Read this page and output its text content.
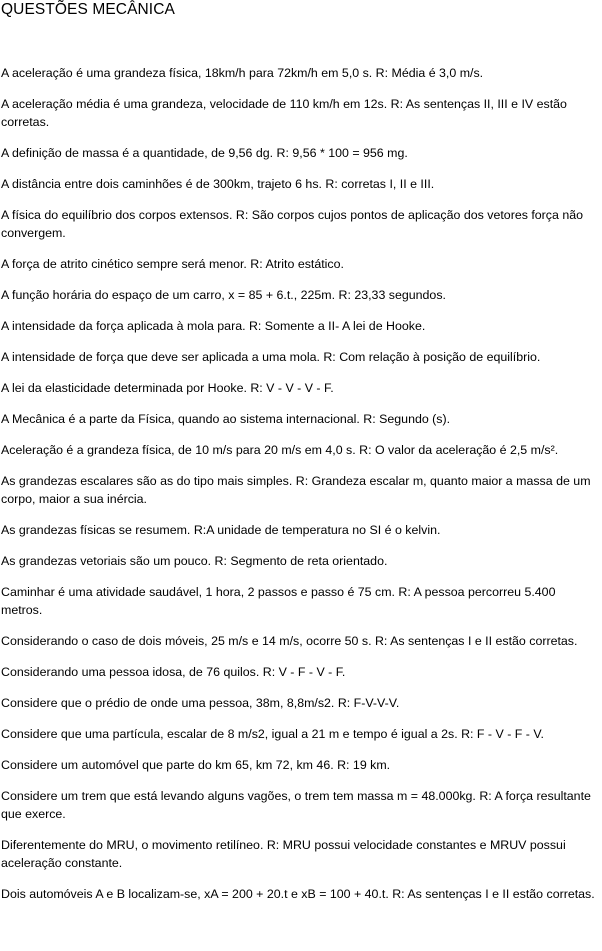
QUESTÕES MECÂNICA
A aceleração é uma grandeza física, 18km/h para 72km/h em 5,0 s. R: Média é 3,0 m/s.
A aceleração média é uma grandeza, velocidade de 110 km/h em 12s. R: As sentenças II, III e IV estão corretas.
A definição de massa é a quantidade, de 9,56 dg. R: 9,56 * 100 = 956 mg.
A distância entre dois caminhões é de 300km, trajeto 6 hs. R: corretas I, II e III.
A física do equilíbrio dos corpos extensos. R: São corpos cujos pontos de aplicação dos vetores força não convergem.
A força de atrito cinético sempre será menor. R: Atrito estático.
A função horária do espaço de um carro, x = 85 + 6.t., 225m. R: 23,33 segundos.
A intensidade da força aplicada à mola para. R: Somente a II- A lei de Hooke.
A intensidade de força que deve ser aplicada a uma mola. R: Com relação à posição de equilíbrio.
A lei da elasticidade determinada por Hooke. R: V - V - V - F.
A Mecânica é a parte da Física, quando ao sistema internacional. R: Segundo (s).
Aceleração é a grandeza física, de 10 m/s para 20 m/s em 4,0 s. R: O valor da aceleração é 2,5 m/s².
As grandezas escalares são as do tipo mais simples. R: Grandeza escalar m, quanto maior a massa de um corpo, maior a sua inércia.
As grandezas físicas se resumem. R:A unidade de temperatura no SI é o kelvin.
As grandezas vetoriais são um pouco. R: Segmento de reta orientado.
Caminhar é uma atividade saudável, 1 hora, 2 passos e passo é 75 cm. R: A pessoa percorreu 5.400 metros.
Considerando o caso de dois móveis, 25 m/s e 14 m/s, ocorre 50 s. R: As sentenças I e II estão corretas.
Considerando uma pessoa idosa, de 76 quilos. R: V - F - V - F.
Considere que o prédio de onde uma pessoa, 38m, 8,8m/s2. R: F-V-V-V.
Considere que uma partícula, escalar de 8 m/s2, igual a 21 m e tempo é igual a 2s. R: F - V - F - V.
Considere um automóvel que parte do km 65, km 72, km 46. R: 19 km.
Considere um trem que está levando alguns vagões, o trem tem massa m = 48.000kg. R: A força resultante que exerce.
Diferentemente do MRU, o movimento retilíneo. R: MRU possui velocidade constantes e MRUV possui aceleração constante.
Dois automóveis A e B localizam-se, xA = 200 + 20.t e xB = 100 + 40.t. R: As sentenças I e II estão corretas.
